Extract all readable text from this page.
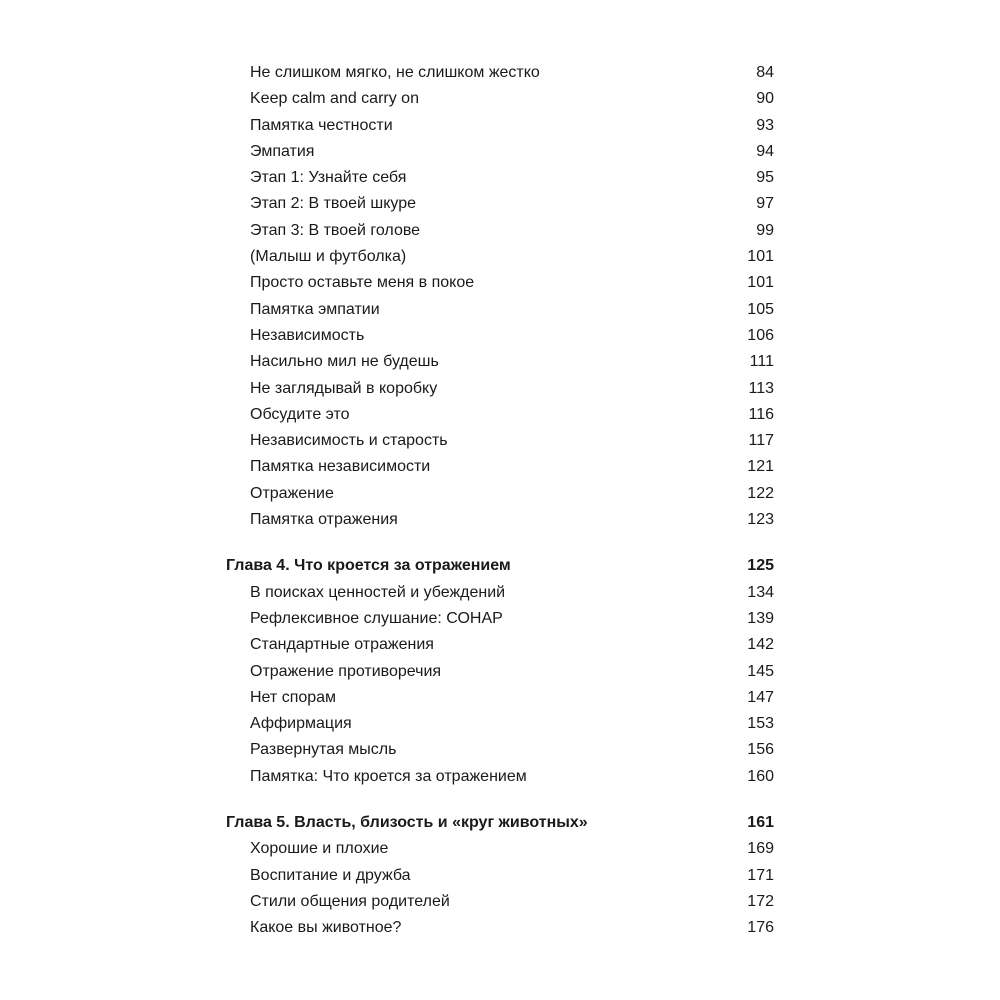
Не слишком мягко, не слишком жестко	84
Keep calm and carry on	90
Памятка честности	93
Эмпатия	94
Этап 1: Узнайте себя	95
Этап 2: В твоей шкуре	97
Этап 3: В твоей голове	99
(Малыш и футболка)	101
Просто оставьте меня в покое	101
Памятка эмпатии	105
Независимость	106
Насильно мил не будешь	111
Не заглядывай в коробку	113
Обсудите это	116
Независимость и старость	117
Памятка независимости	121
Отражение	122
Памятка отражения	123
Глава 4. Что кроется за отражением	125
В поисках ценностей и убеждений	134
Рефлексивное слушание: СОНАР	139
Стандартные отражения	142
Отражение противоречия	145
Нет спорам	147
Аффирмация	153
Развернутая мысль	156
Памятка: Что кроется за отражением	160
Глава 5. Власть, близость и «круг животных»	161
Хорошие и плохие	169
Воспитание и дружба	171
Стили общения родителей	172
Какое вы животное?	176
